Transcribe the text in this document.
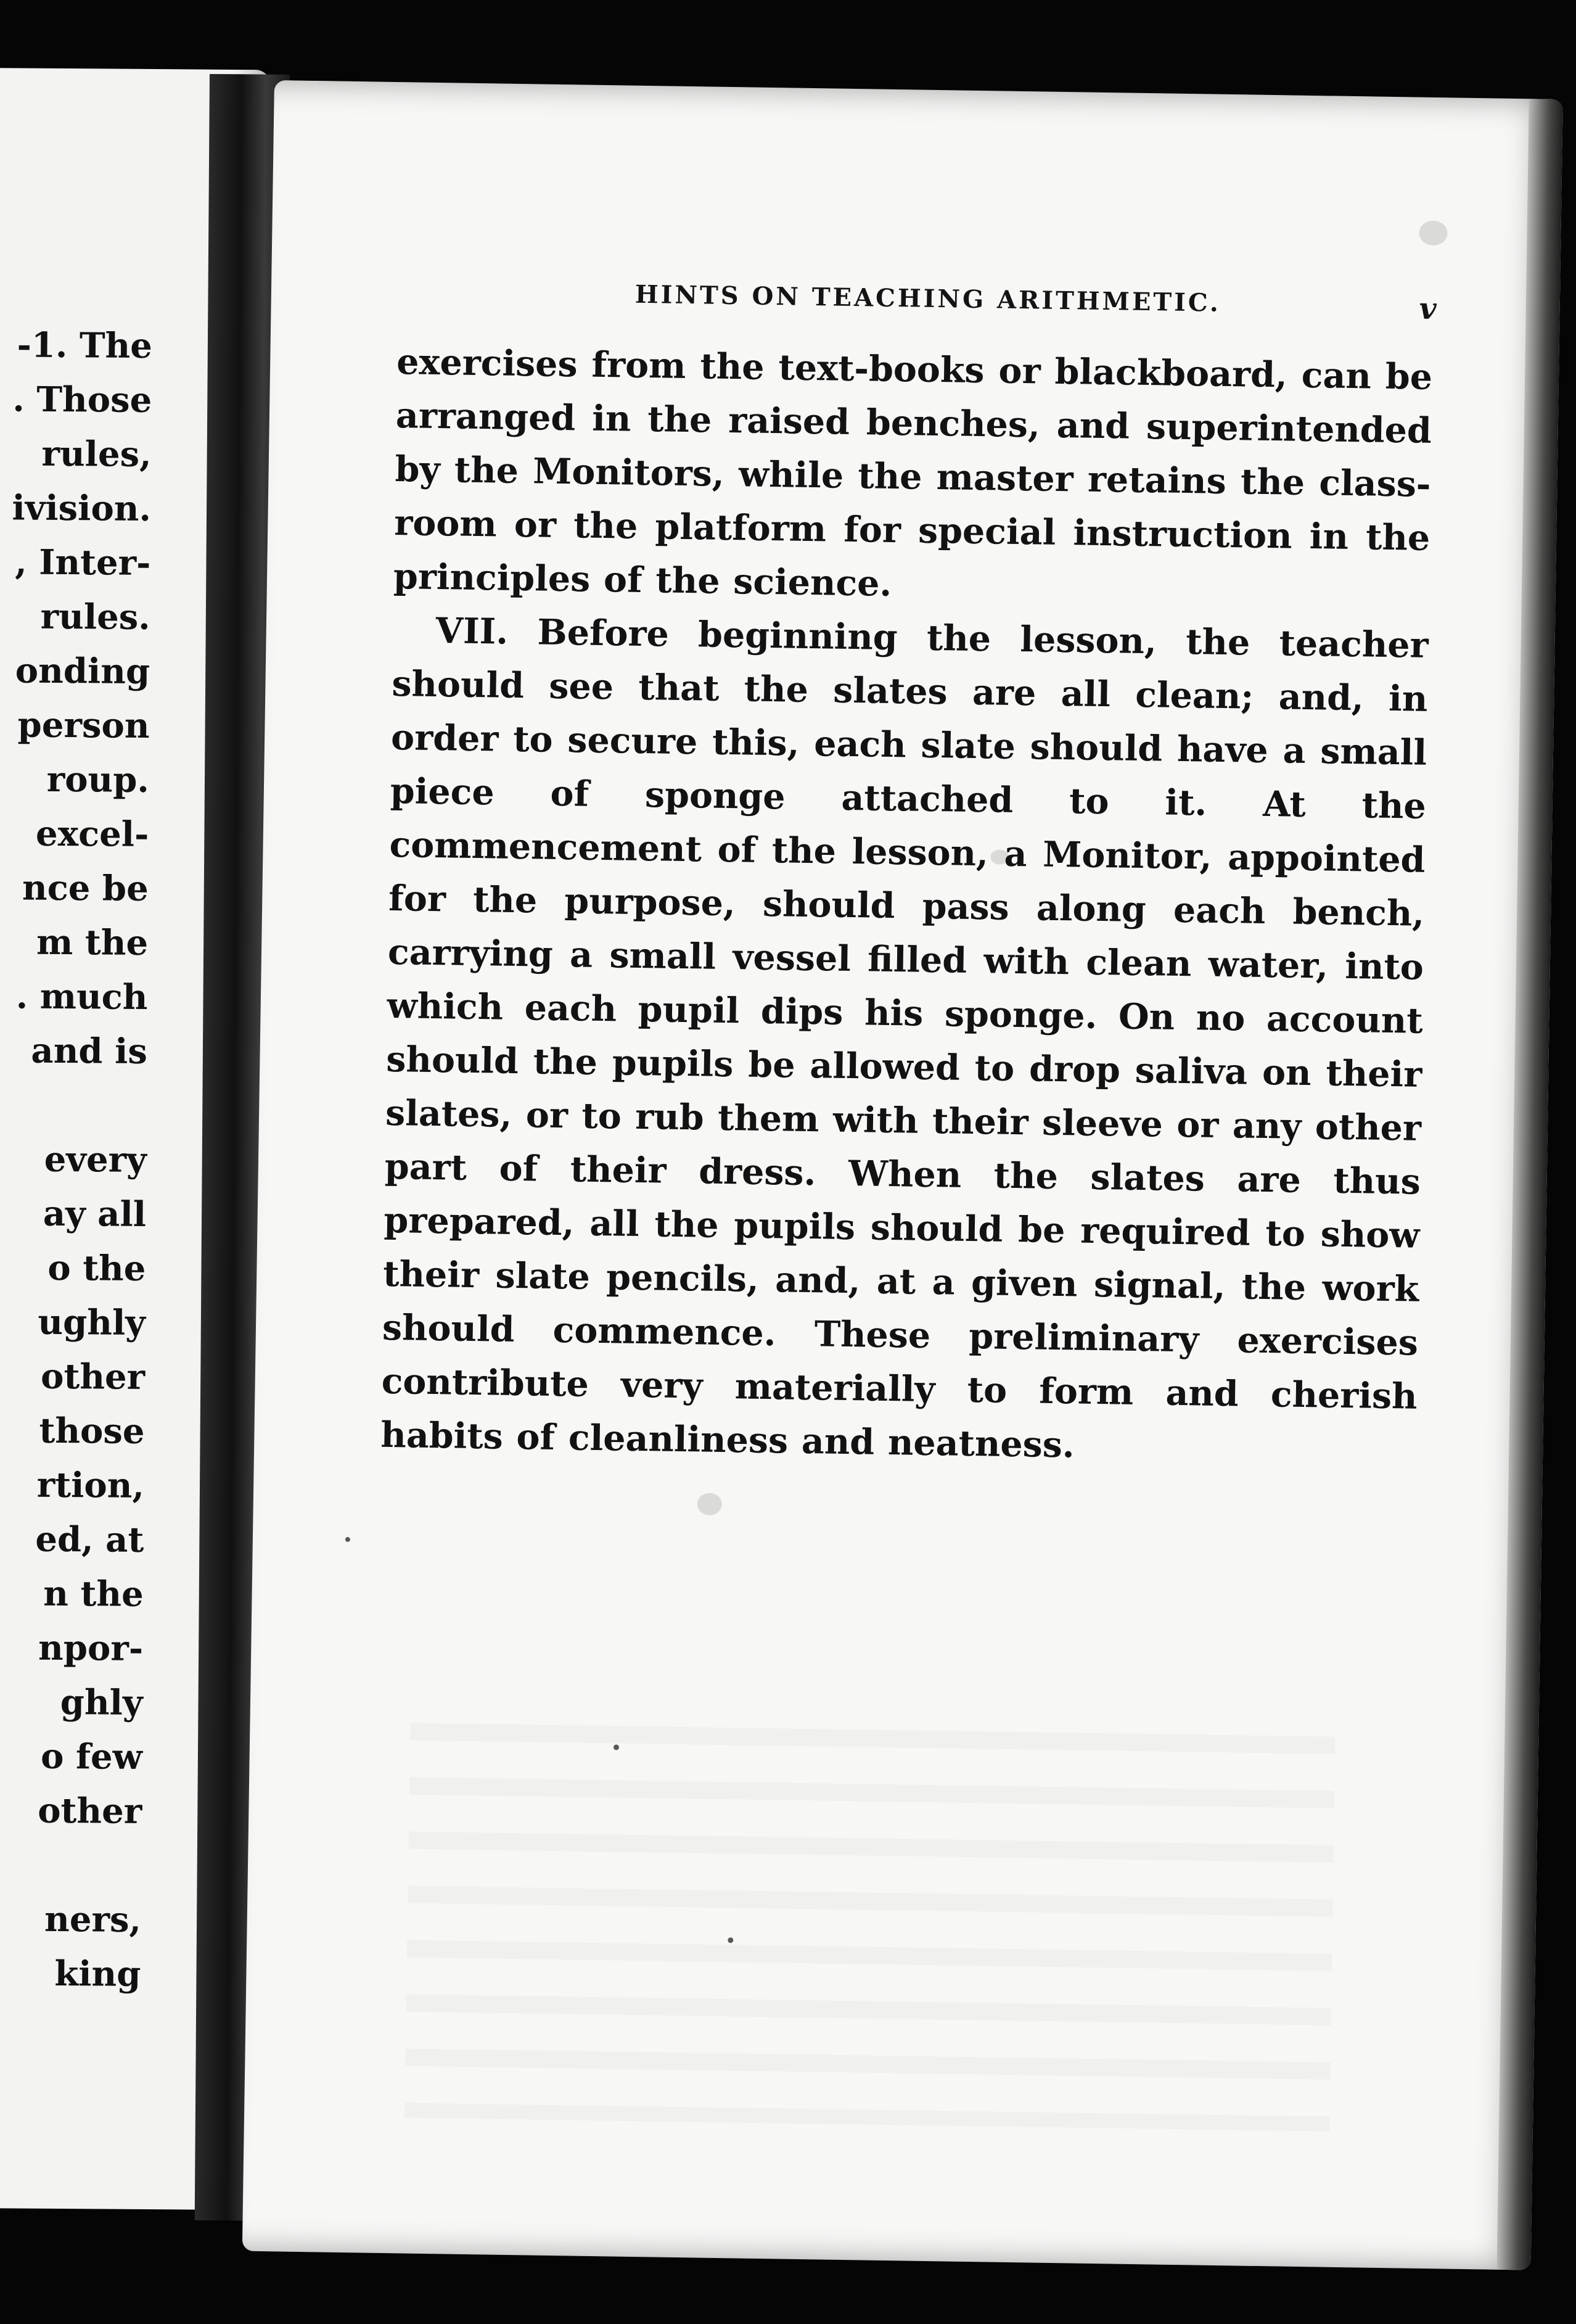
-1. The
. Those
rules,
ivision.
, Inter-
rules.
onding
person
roup.
excel-
nce be
m the
. much
and is
every
ay all
o the
ughly
other
those
rtion,
ed, at
n the
npor-
ghly
o few
other
ners,
king
HINTS ON TEACHING ARITHMETIC.	v

exercises from the text-books or blackboard, can be arranged in the raised benches, and superintended by the Monitors, while the master retains the class-room or the platform for special instruction in the principles of the science.

VII. Before beginning the lesson, the teacher should see that the slates are all clean; and, in order to secure this, each slate should have a small piece of sponge attached to it. At the commencement of the lesson, a Monitor, appointed for the purpose, should pass along each bench, carrying a small vessel filled with clean water, into which each pupil dips his sponge. On no account should the pupils be allowed to drop saliva on their slates, or to rub them with their sleeve or any other part of their dress. When the slates are thus prepared, all the pupils should be required to show their slate pencils, and, at a given signal, the work should commence. These preliminary exercises contribute very materially to form and cherish habits of cleanliness and neatness.
